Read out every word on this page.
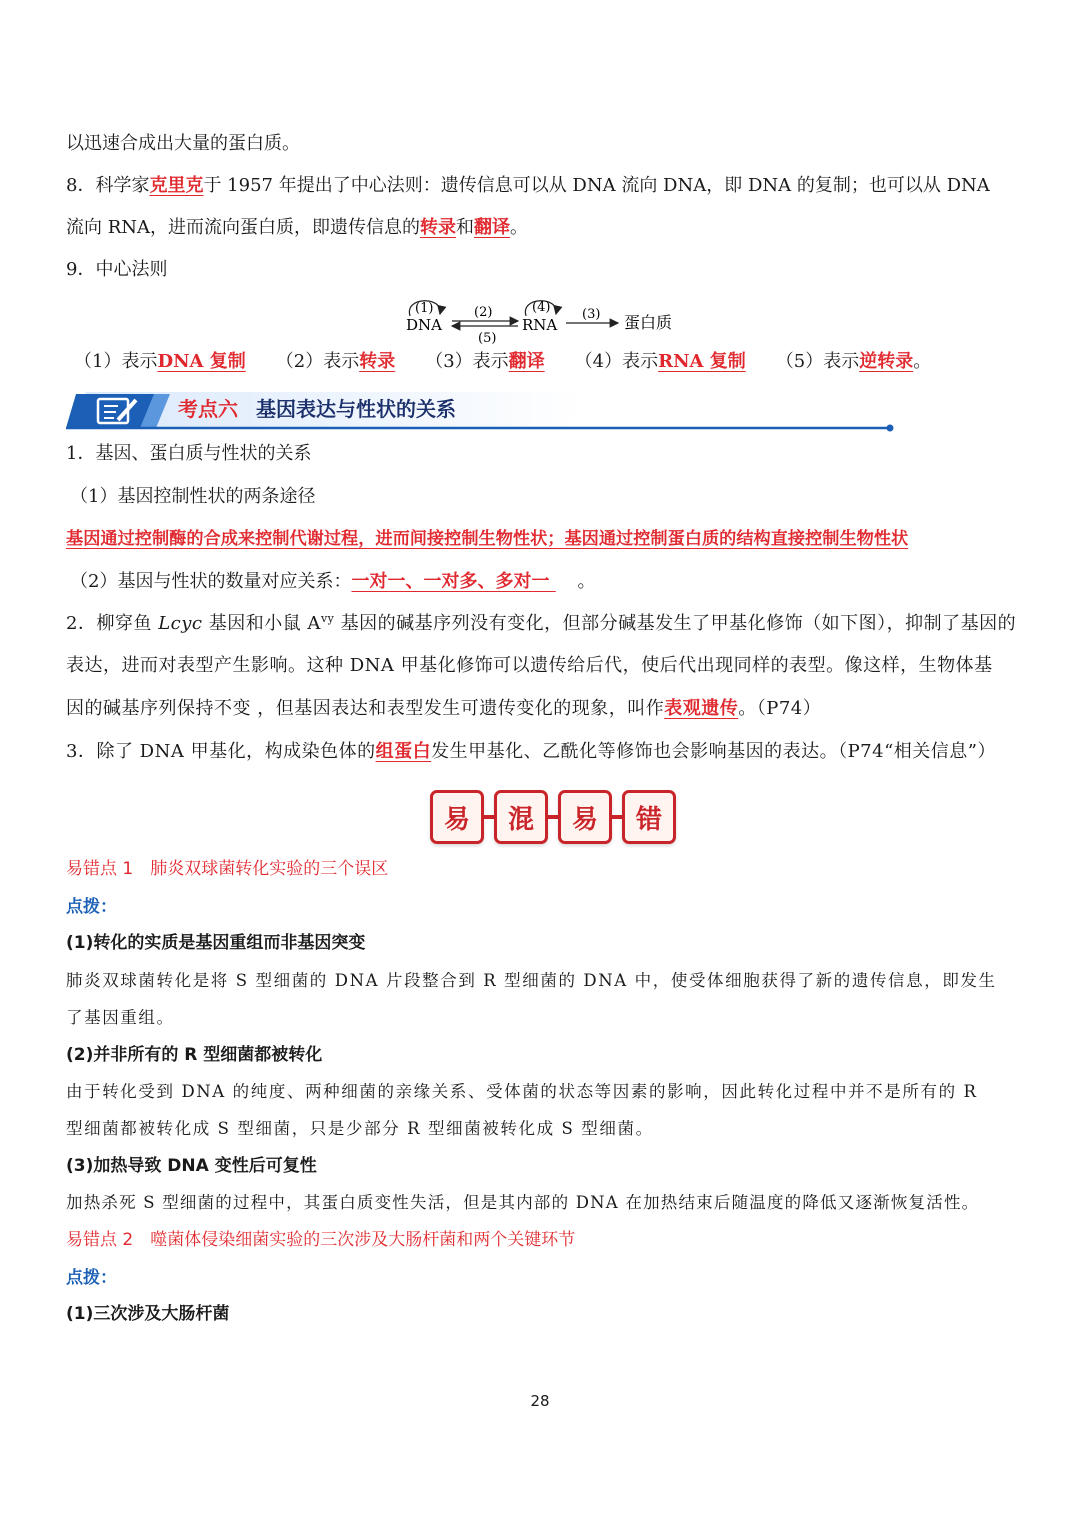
以迅速合成出大量的蛋白质。
8．科学家克里克于 1957 年提出了中心法则：遗传信息可以从 DNA 流向 DNA，即 DNA 的复制；也可以从 DNA
流向 RNA，进而流向蛋白质，即遗传信息的转录和翻译。
9．中心法则
(1)
DNA
(2)
(5)
(4)
RNA
(3) 蛋白质
（1）表示DNA 复制 （2）表示转录 （3）表示翻译 （4）表示RNA 复制 （5）表示逆转录。
考点六 基因表达与性状的关系
1．基因、蛋白质与性状的关系
（1）基因控制性状的两条途径
基因通过控制酶的合成来控制代谢过程，进而间接控制生物性状；基因通过控制蛋白质的结构直接控制生物性状
（2）基因与性状的数量对应关系：一对一、一对多、多对一 。
2．柳穿鱼 Lcyc 基因和小鼠 $A^{vy}$ 基因的碱基序列没有变化，但部分碱基发生了甲基化修饰（如下图），抑制了基因的
表达，进而对表型产生影响。这种 DNA 甲基化修饰可以遗传给后代，使后代出现同样的表型。像这样，生物体基
因的碱基序列保持不变 ，但基因表达和表型发生可遗传变化的现象，叫作表观遗传。（P74）
3．除了 DNA 甲基化，构成染色体的组蛋白发生甲基化、乙酰化等修饰也会影响基因的表达。（P74“相关信息”）
易	混	易	错
易错点 1　肺炎双球菌转化实验的三个误区
点拨：
(1)转化的实质是基因重组而非基因突变
肺炎双球菌转化是将 S 型细菌的 DNA 片段整合到 R 型细菌的 DNA 中，使受体细胞获得了新的遗传信息，即发生
了基因重组。
(2)并非所有的 R 型细菌都被转化
由于转化受到 DNA 的纯度、两种细菌的亲缘关系、受体菌的状态等因素的影响，因此转化过程中并不是所有的 R
型细菌都被转化成 S 型细菌，只是少部分 R 型细菌被转化成 S 型细菌。
(3)加热导致 DNA 变性后可复性
加热杀死 S 型细菌的过程中，其蛋白质变性失活，但是其内部的 DNA 在加热结束后随温度的降低又逐渐恢复活性。
易错点 2　噬菌体侵染细菌实验的三次涉及大肠杆菌和两个关键环节
点拨：
(1)三次涉及大肠杆菌
28
